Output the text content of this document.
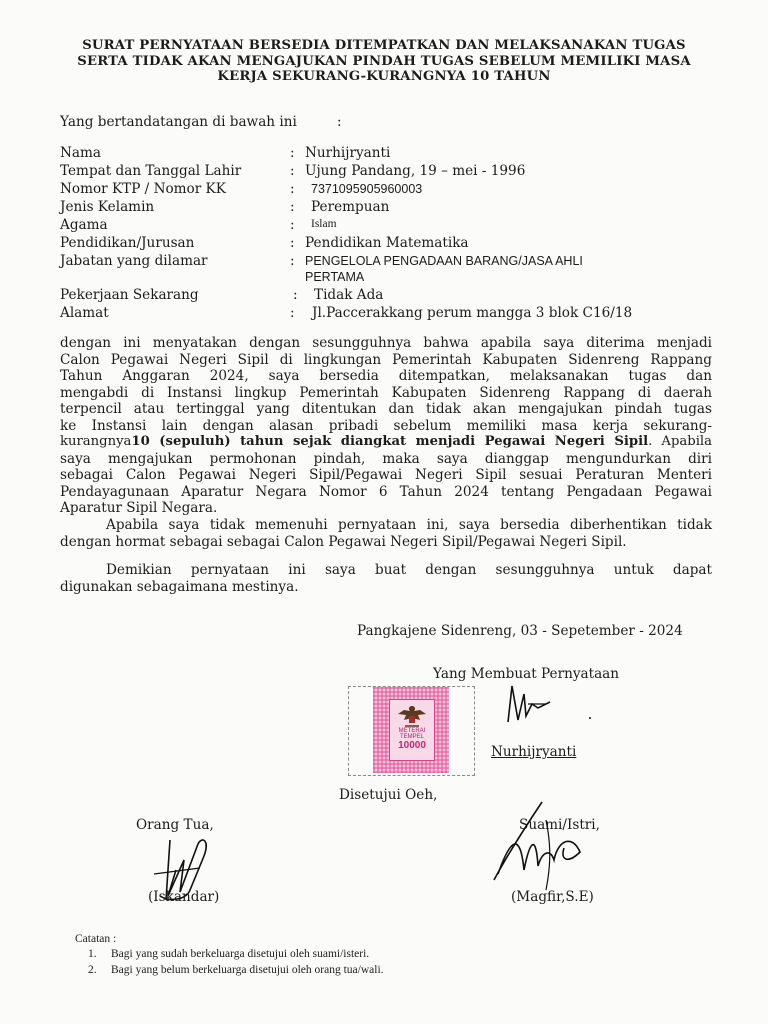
SURAT PERNYATAAN BERSEDIA DITEMPATKAN DAN MELAKSANAKAN TUGAS
SERTA TIDAK AKAN MENGAJUKAN PINDAH TUGAS SEBELUM MEMILIKI MASA
KERJA SEKURANG-KURANGNYA 10 TAHUN
Yang bertandatangan di bawah ini	:
Nama	: Nurhijryanti
Tempat dan Tanggal Lahir	: Ujung Pandang, 19 – mei - 1996
Nomor KTP / Nomor KK	: 7371095905960003
Jenis Kelamin	: Perempuan
Agama	: Islam
Pendidikan/Jurusan	: Pendidikan Matematika
Jabatan yang dilamar	: PENGELOLA PENGADAAN BARANG/JASA AHLI
PERTAMA
Pekerjaan Sekarang	: Tidak Ada
Alamat	: Jl.Paccerakkang perum mangga 3 blok C16/18
dengan ini menyatakan dengan sesungguhnya bahwa apabila saya diterima menjadi
Calon Pegawai Negeri Sipil di lingkungan Pemerintah Kabupaten Sidenreng Rappang
Tahun Anggaran 2024, saya bersedia ditempatkan, melaksanakan tugas dan
mengabdi di Instansi lingkup Pemerintah Kabupaten Sidenreng Rappang di daerah
terpencil atau tertinggal yang ditentukan dan tidak akan mengajukan pindah tugas
ke Instansi lain dengan alasan pribadi sebelum memiliki masa kerja sekurang-
kurangnya10 (sepuluh) tahun sejak diangkat menjadi Pegawai Negeri Sipil. Apabila
saya mengajukan permohonan pindah, maka saya dianggap mengundurkan diri
sebagai Calon Pegawai Negeri Sipil/Pegawai Negeri Sipil sesuai Peraturan Menteri
Pendayagunaan Aparatur Negara Nomor 6 Tahun 2024 tentang Pengadaan Pegawai
Aparatur Sipil Negara.
Apabila saya tidak memenuhi pernyataan ini, saya bersedia diberhentikan tidak
dengan hormat sebagai sebagai Calon Pegawai Negeri Sipil/Pegawai Negeri Sipil.
Demikian pernyataan ini saya buat dengan sesungguhnya untuk dapat
digunakan sebagaimana mestinya.
Pangkajene Sidenreng, 03 - Sepetember - 2024
Yang Membuat Pernyataan
METERAI
TEMPEL
10000	Nurhijryanti
Disetujui Oeh,
Orang Tua,	Suami/Istri,
(Iskandar)	(Magfir,S.E)
Catatan :
1. Bagi yang sudah berkeluarga disetujui oleh suami/isteri.
2. Bagi yang belum berkeluarga disetujui oleh orang tua/wali.
